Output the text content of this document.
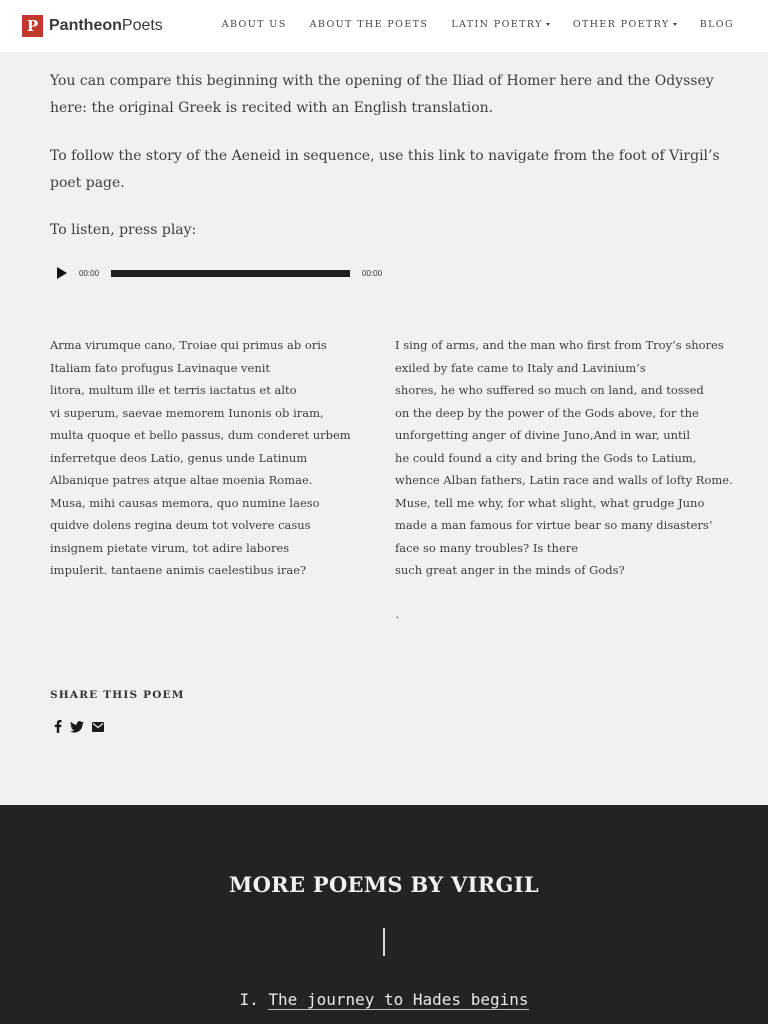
P PantheonPoets	ABOUT US ABOUT THE POETS LATIN POETRY	OTHER POETRY	BLOG

You can compare this beginning with the opening of the Iliad of Homer here and the Odyssey here: the original Greek is recited with an English translation.

To follow the story of the Aeneid in sequence, use this link to navigate from the foot of Virgil’s poet page.

To listen, press play:

00:00	00:00
Arma virumque cano, Troiae qui primus ab oris
Italiam fato profugus Lavinaque venit
litora, multum ille et terris iactatus et alto
vi superum, saevae memorem Iunonis ob iram,
multa quoque et bello passus, dum conderet urbem
inferretque deos Latio, genus unde Latinum
Albanique patres atque altae moenia Romae.
Musa, mihi causas memora, quo numine laeso
quidve dolens regina deum tot volvere casus
insignem pietate virum, tot adire labores
impulerit. tantaene animis caelestibus irae?
I sing of arms, and the man who first from Troy’s shores
exiled by fate came to Italy and Lavinium’s
shores, he who suffered so much on land, and tossed
on the deep by the power of the Gods above, for the
unforgetting anger of divine Juno,And in war, until
he could found a city and bring the Gods to Latium,
whence Alban fathers, Latin race and walls of lofty Rome.
Muse, tell me why, for what slight, what grudge Juno
made a man famous for virtue bear so many disasters’
face so many troubles? Is there
such great anger in the minds of Gods?
`
SHARE THIS POEM
MORE POEMS BY VIRGIL
I. The journey to Hades begins
